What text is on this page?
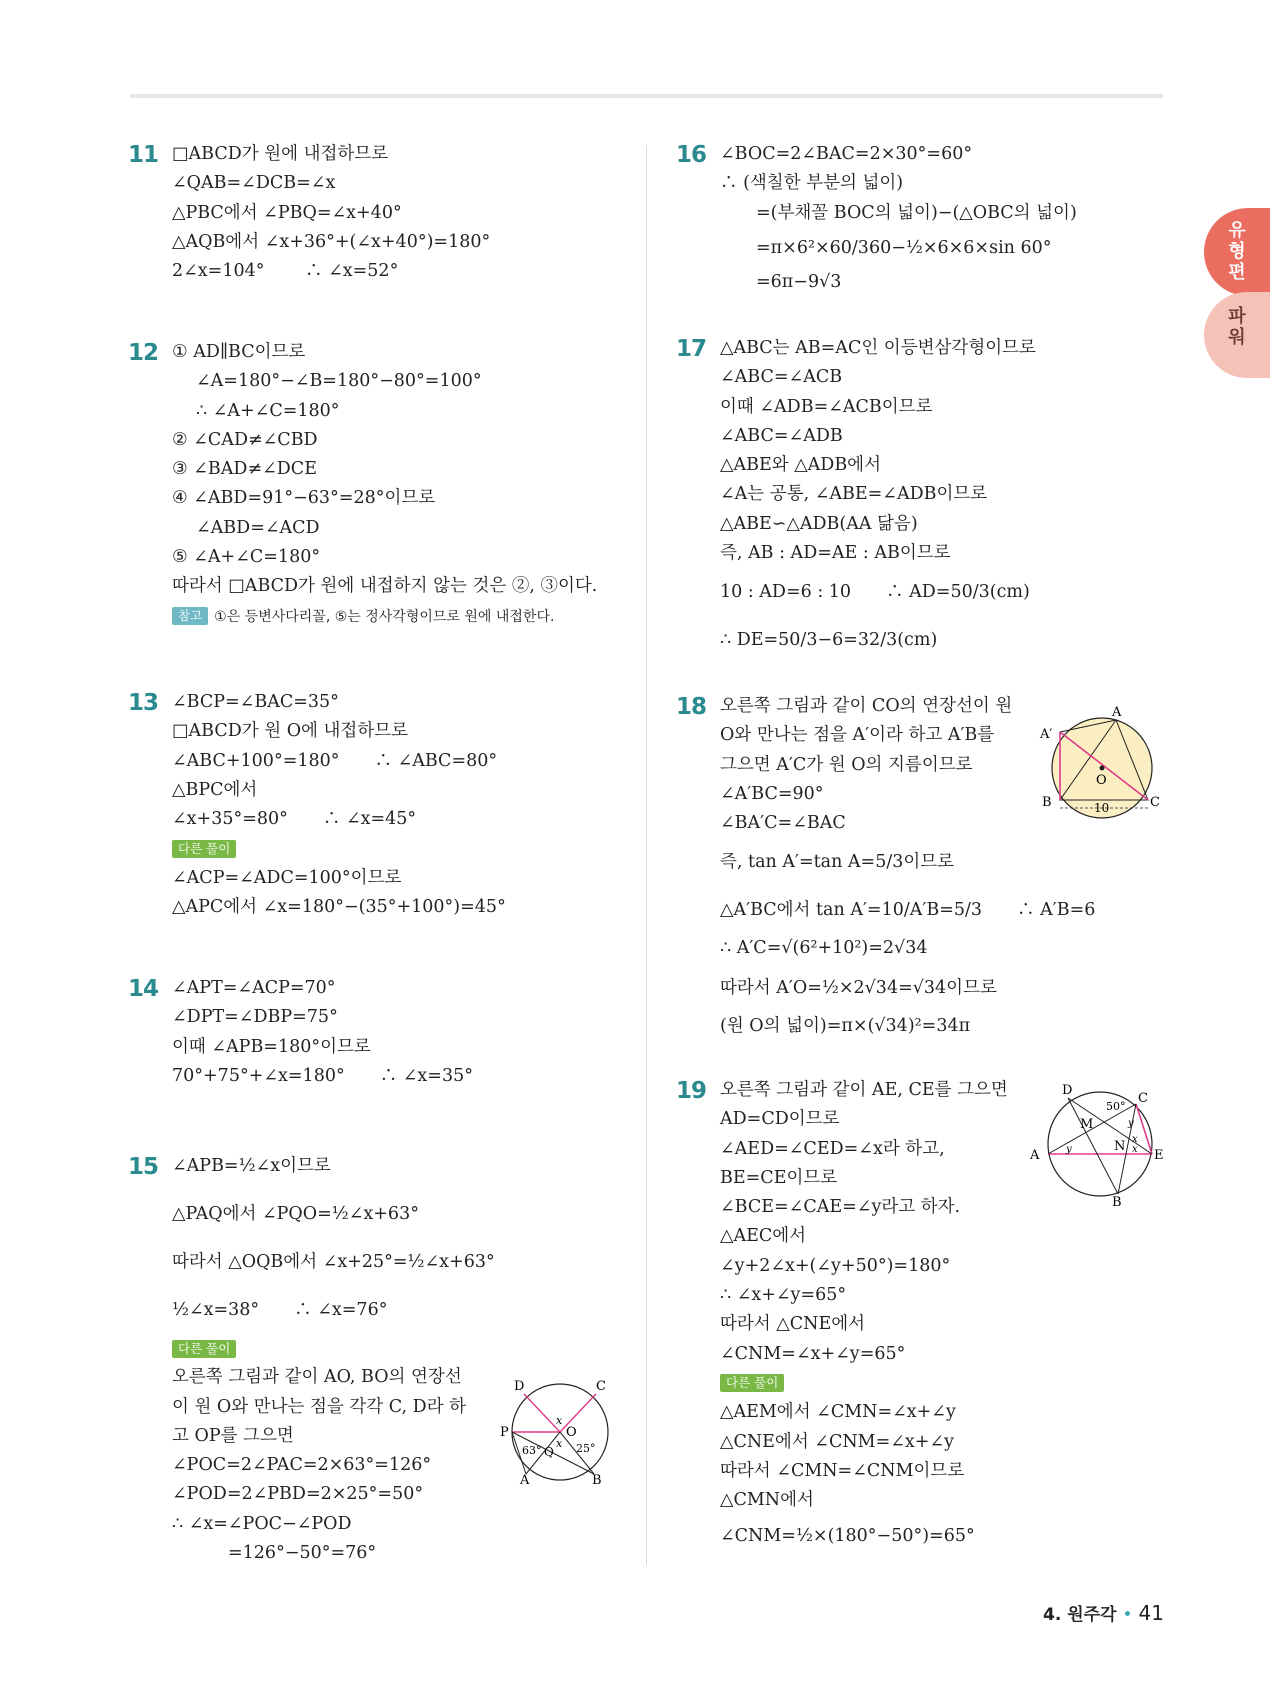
유형편
파워
11 □ABCD가 원에 내접하므로
∠QAB=∠DCB=∠x
△PBC에서 ∠PBQ=∠x+40°
△AQB에서 ∠x+36°+(∠x+40°)=180°
2∠x=104°　　 ∴ ∠x=52°
12 ① AD∥BC이므로
∠A=180°−∠B=180°−80°=100°
∴ ∠A+∠C=180°
② ∠CAD≠∠CBD
③ ∠BAD≠∠DCE
④ ∠ABD=91°−63°=28°이므로
∠ABD=∠ACD
⑤ ∠A+∠C=180°
따라서 □ABCD가 원에 내접하지 않는 것은 ②, ③이다.
참고 ①은 등변사다리꼴, ⑤는 정사각형이므로 원에 내접한다.
13 ∠BCP=∠BAC=35°
□ABCD가 원 O에 내접하므로
∠ABC+100°=180°　　∴ ∠ABC=80°
△BPC에서
∠x+35°=80°　　∴ ∠x=45°
다른 풀이
∠ACP=∠ADC=100°이므로
△APC에서 ∠x=180°−(35°+100°)=45°
14 ∠APT=∠ACP=70°
∠DPT=∠DBP=75°
이때 ∠APB=180°이므로
70°+75°+∠x=180°　　∴ ∠x=35°
15 ∠APB=½∠x이므로
△PAQ에서 ∠PQO=½∠x+63°
따라서 △OQB에서 ∠x+25°=½∠x+63°
½∠x=38°　　∴ ∠x=76°
다른 풀이
오른쪽 그림과 같이 AO, BO의 연장선
이 원 O와 만나는 점을 각각 C, D라 하
고 OP를 그으면
∠POC=2∠PAC=2×63°=126°
∠POD=2∠PBD=2×25°=50°
∴ ∠x=∠POC−∠POD
=126°−50°=76°
D	C
P	O
x
x
63° Q 25°
A	B
16 ∠BOC=2∠BAC=2×30°=60°
∴ (색칠한 부분의 넓이)
=(부채꼴 BOC의 넓이)−(△OBC의 넓이)
=π×6²×60/360−½×6×6×sin 60°
=6π−9√3
17 △ABC는 AB=AC인 이등변삼각형이므로
∠ABC=∠ACB
이때 ∠ADB=∠ACB이므로
∠ABC=∠ADB
△ABE와 △ADB에서
∠A는 공통, ∠ABE=∠ADB이므로
△ABE∽△ADB(AA 닮음)
즉, AB : AD=AE : AB이므로
10 : AD=6 : 10　　∴ AD=50/3(cm)
∴ DE=50/3−6=32/3(cm)
18 오른쪽 그림과 같이 CO의 연장선이 원
O와 만나는 점을 A′이라 하고 A′B를
그으면 A′C가 원 O의 지름이므로
∠A′BC=90°
∠BA′C=∠BAC
즉, tan A′=tan A=5/3이므로
△A′BC에서 tan A′=10/A′B=5/3　　∴ A′B=6
∴ A′C=√(6²+10²)=2√34
따라서 A′O=½×2√34=√34이므로
(원 O의 넓이)=π×(√34)²=34π
19 오른쪽 그림과 같이 AE, CE를 그으면
AD=CD이므로
∠AED=∠CED=∠x라 하고,
BE=CE이므로
∠BCE=∠CAE=∠y라고 하자.
△AEC에서
∠y+2∠x+(∠y+50°)=180°
∴ ∠x+∠y=65°
따라서 △CNE에서
∠CNM=∠x+∠y=65°
다른 풀이
△AEM에서 ∠CMN=∠x+∠y
△CNE에서 ∠CNM=∠x+∠y
따라서 ∠CMN=∠CNM이므로
△CMN에서
∠CNM=½×(180°−50°)=65°
A
A′
O
B	10	C
D
50°
C
M	y
A	y	N x
x E
B
4. 원주각 • 41
